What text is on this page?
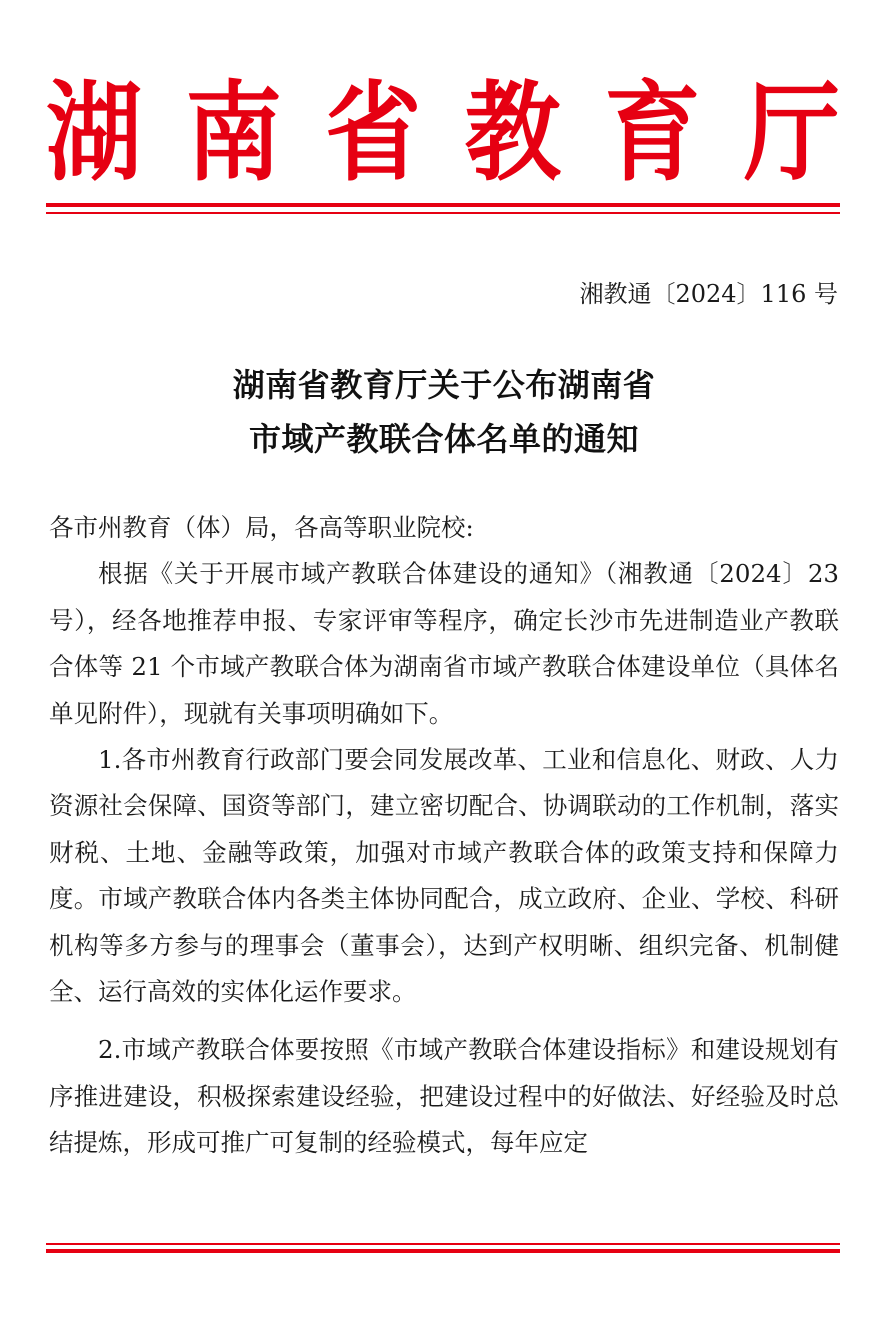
湖 南 省 教 育 厅
湘教通〔2024〕116 号
湖南省教育厅关于公布湖南省
市域产教联合体名单的通知

各市州教育（体）局，各高等职业院校:

根据《关于开展市域产教联合体建设的通知》（湘教通〔2024〕23 号），经各地推荐申报、专家评审等程序，确定长沙市先进制造业产教联合体等 21 个市域产教联合体为湖南省市域产教联合体建设单位（具体名单见附件），现就有关事项明确如下。

1.各市州教育行政部门要会同发展改革、工业和信息化、财政、人力资源社会保障、国资等部门，建立密切配合、协调联动的工作机制，落实财税、土地、金融等政策，加强对市域产教联合体的政策支持和保障力度。市域产教联合体内各类主体协同配合，成立政府、企业、学校、科研机构等多方参与的理事会（董事会），达到产权明晰、组织完备、机制健全、运行高效的实体化运作要求。

2.市域产教联合体要按照《市域产教联合体建设指标》和建设规划有序推进建设，积极探索建设经验，把建设过程中的好做法、好经验及时总结提炼，形成可推广可复制的经验模式，每年应定
